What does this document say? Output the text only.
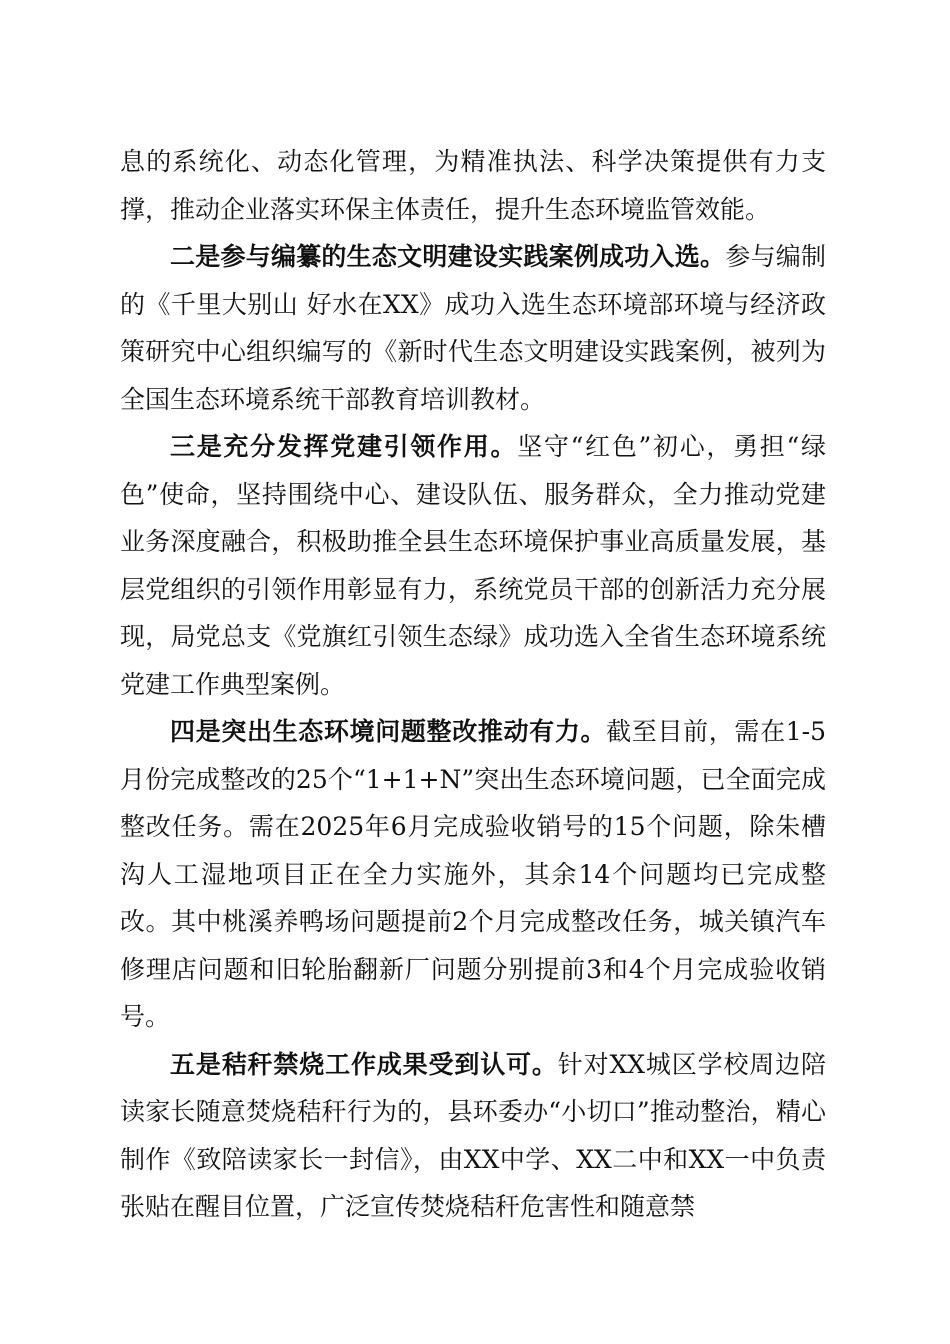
息的系统化、动态化管理，为精准执法、科学决策提供有力支撑，推动企业落实环保主体责任，提升生态环境监管效能。

二是参与编纂的生态文明建设实践案例成功入选。参与编制的《千里大别山 好水在XX》成功入选生态环境部环境与经济政策研究中心组织编写的《新时代生态文明建设实践案例，被列为全国生态环境系统干部教育培训教材。

三是充分发挥党建引领作用。坚守“红色”初心，勇担“绿色”使命，坚持围绕中心、建设队伍、服务群众，全力推动党建业务深度融合，积极助推全县生态环境保护事业高质量发展，基层党组织的引领作用彰显有力，系统党员干部的创新活力充分展现，局党总支《党旗红引领生态绿》成功选入全省生态环境系统党建工作典型案例。

四是突出生态环境问题整改推动有力。截至目前，需在1-5月份完成整改的25个“1+1+N”突出生态环境问题，已全面完成整改任务。需在2025年6月完成验收销号的15个问题，除朱槽沟人工湿地项目正在全力实施外，其余14个问题均已完成整改。其中桃溪养鸭场问题提前2个月完成整改任务，城关镇汽车修理店问题和旧轮胎翻新厂问题分别提前3和4个月完成验收销号。

五是秸秆禁烧工作成果受到认可。针对XX城区学校周边陪读家长随意焚烧秸秆行为的，县环委办“小切口”推动整治，精心制作《致陪读家长一封信》，由XX中学、XX二中和XX一中负责张贴在醒目位置，广泛宣传焚烧秸秆危害性和随意禁
